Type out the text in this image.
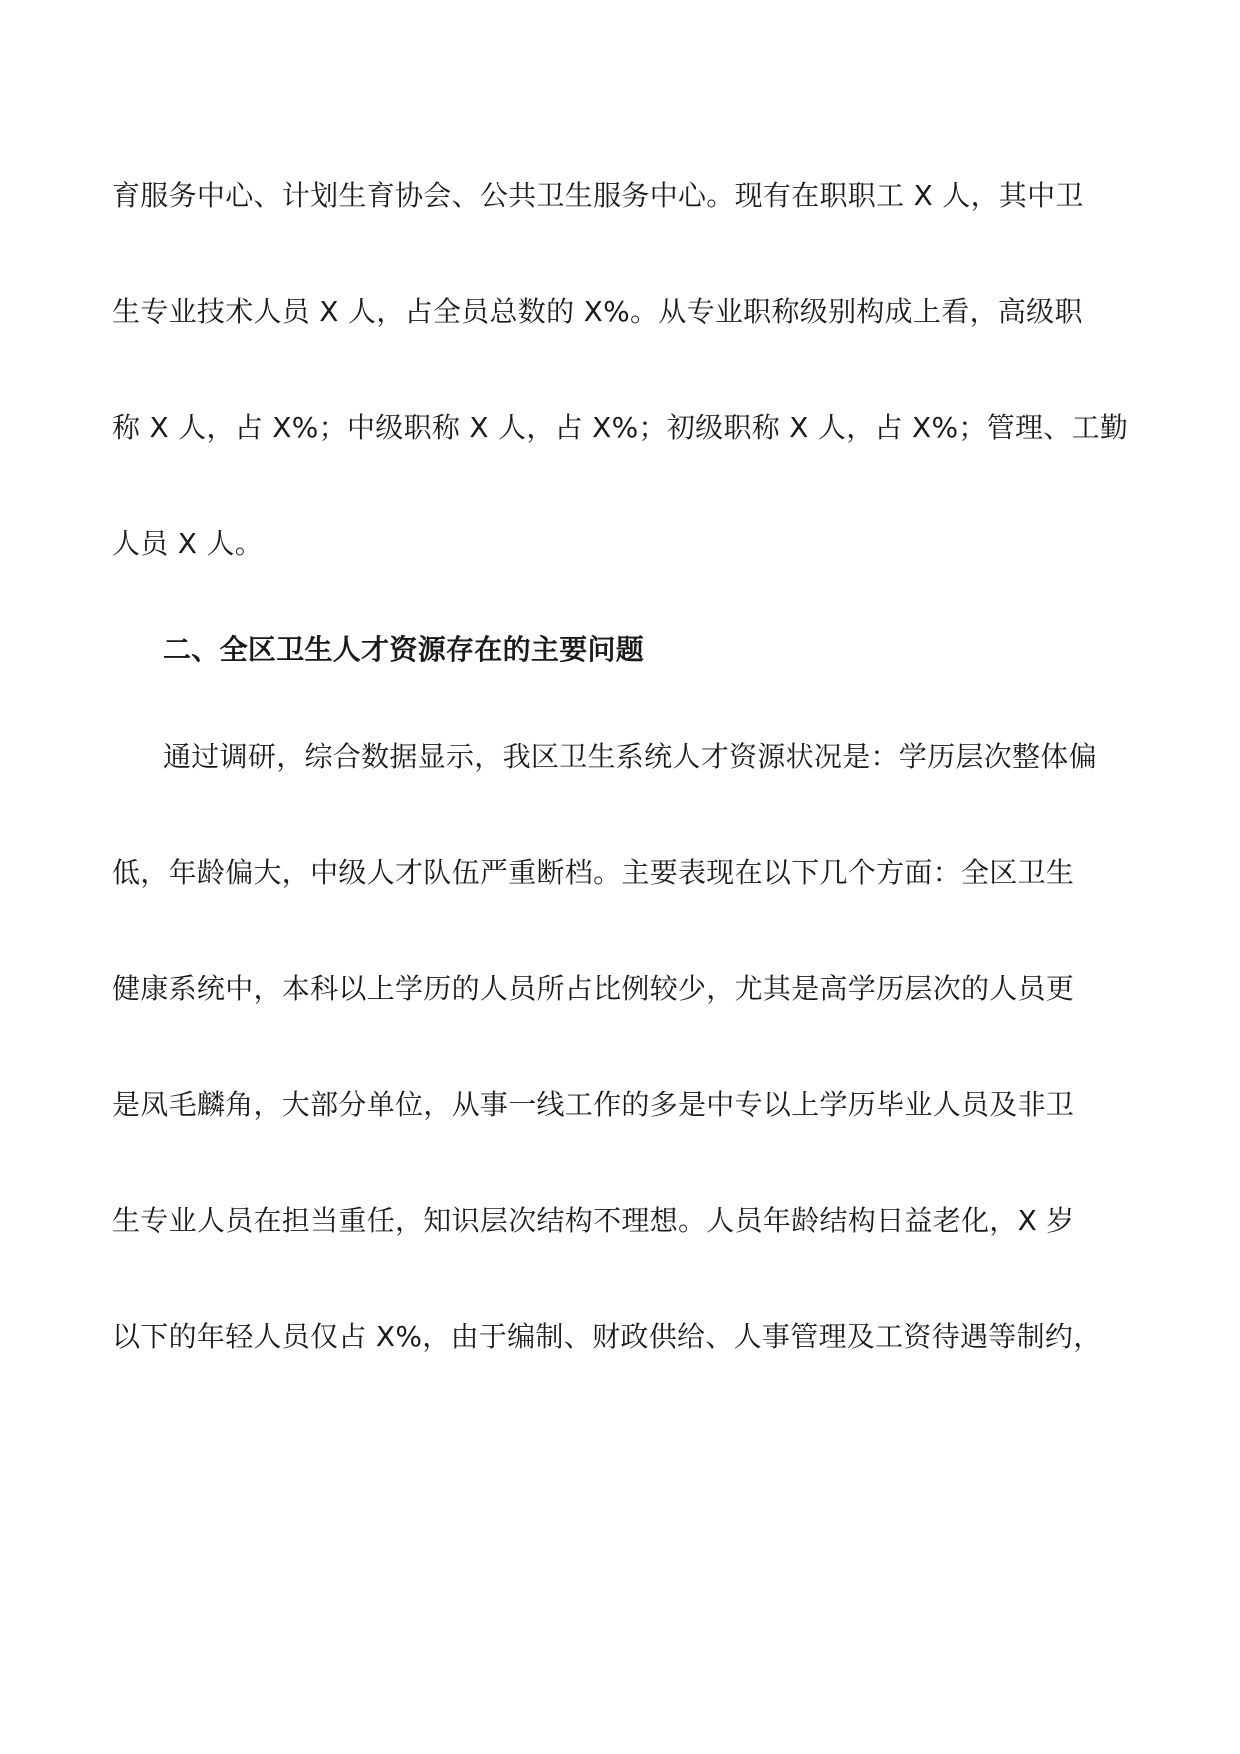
育服务中心、计划生育协会、公共卫生服务中心。现有在职职工 X 人，其中卫
生专业技术人员 X 人，占全员总数的 X%。从专业职称级别构成上看，高级职
称 X 人，占 X%；中级职称 X 人，占 X%；初级职称 X 人，占 X%；管理、工勤
人员 X 人。
二、全区卫生人才资源存在的主要问题
通过调研，综合数据显示，我区卫生系统人才资源状况是：学历层次整体偏
低，年龄偏大，中级人才队伍严重断档。主要表现在以下几个方面：全区卫生
健康系统中，本科以上学历的人员所占比例较少，尤其是高学历层次的人员更
是凤毛麟角，大部分单位，从事一线工作的多是中专以上学历毕业人员及非卫
生专业人员在担当重任，知识层次结构不理想。人员年龄结构日益老化，X 岁
以下的年轻人员仅占 X%，由于编制、财政供给、人事管理及工资待遇等制约，
